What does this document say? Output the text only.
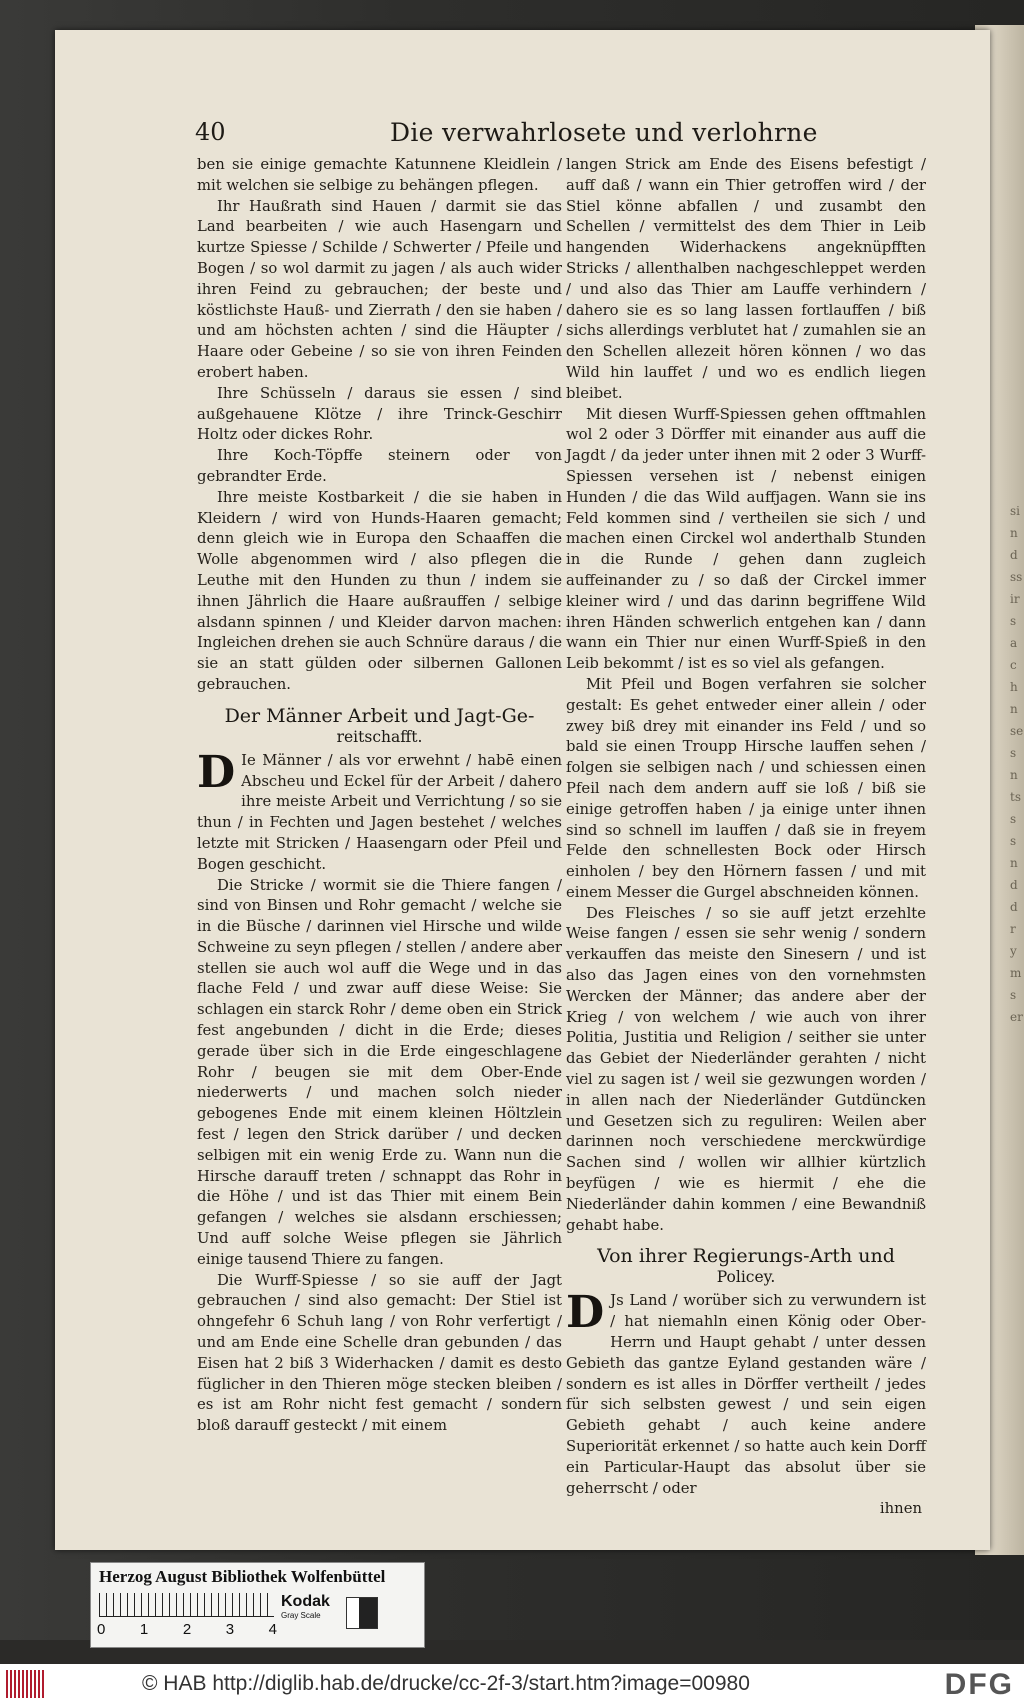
sind ss irs a ch n se s n ts s s nd d r y m s er
40	Die verwahrlosete und verlohrne

ben sie einige gemachte Katunnene Kleidlein / mit welchen sie selbige zu behängen pflegen.

Ihr Haußrath sind Hauen / darmit sie das Land bearbeiten / wie auch Hasengarn und kurtze Spiesse / Schilde / Schwerter / Pfeile und Bogen / so wol darmit zu jagen / als auch wider ihren Feind zu gebrauchen; der beste und köstlichste Hauß- und Zierrath / den sie haben / und am höchsten achten / sind die Häupter / Haare oder Gebeine / so sie von ihren Feinden erobert haben.

Ihre Schüsseln / daraus sie essen / sind außgehauene Klötze / ihre Trinck-Geschirr Holtz oder dickes Rohr.

Ihre Koch-Töpffe steinern oder von gebrandter Erde.

Ihre meiste Kostbarkeit / die sie haben in Kleidern / wird von Hunds-Haaren gemacht; denn gleich wie in Europa den Schaaffen die Wolle abgenommen wird / also pflegen die Leuthe mit den Hunden zu thun / indem sie ihnen Jährlich die Haare außrauffen / selbige alsdann spinnen / und Kleider darvon machen: Ingleichen drehen sie auch Schnüre daraus / die sie an statt gülden oder silbernen Gallonen gebrauchen.

Der Männer Arbeit und Jagt-Ge-
reitschafft.

D Ie Männer / als vor erwehnt / habē einen Abscheu und Eckel für der Arbeit / dahero ihre meiste Arbeit und Verrichtung / so sie thun / in Fechten und Jagen bestehet / welches letzte mit Stricken / Haasengarn oder Pfeil und Bogen geschicht.

Die Stricke / wormit sie die Thiere fangen / sind von Binsen und Rohr gemacht / welche sie in die Büsche / darinnen viel Hirsche und wilde Schweine zu seyn pflegen / stellen / andere aber stellen sie auch wol auff die Wege und in das flache Feld / und zwar auff diese Weise: Sie schlagen ein starck Rohr / deme oben ein Strick fest angebunden / dicht in die Erde; dieses gerade über sich in die Erde eingeschlagene Rohr / beugen sie mit dem Ober-Ende niederwerts / und machen solch nieder gebogenes Ende mit einem kleinen Höltzlein fest / legen den Strick darüber / und decken selbigen mit ein wenig Erde zu. Wann nun die Hirsche darauff treten / schnappt das Rohr in die Höhe / und ist das Thier mit einem Bein gefangen / welches sie alsdann erschiessen; Und auff solche Weise pflegen sie Jährlich einige tausend Thiere zu fangen.

Die Wurff-Spiesse / so sie auff der Jagt gebrauchen / sind also gemacht: Der Stiel ist ohngefehr 6 Schuh lang / von Rohr verfertigt / und am Ende eine Schelle dran gebunden / das Eisen hat 2 biß 3 Widerhacken / damit es desto füglicher in den Thieren möge stecken bleiben / es ist am Rohr nicht fest gemacht / sondern bloß darauff gesteckt / mit einem

langen Strick am Ende des Eisens befestigt / auff daß / wann ein Thier getroffen wird / der Stiel könne abfallen / und zusambt den Schellen / vermittelst des dem Thier in Leib hangenden Widerhackens angeknüpfften Stricks / allenthalben nachgeschleppet werden / und also das Thier am Lauffe verhindern / dahero sie es so lang lassen fortlauffen / biß sichs allerdings verblutet hat / zumahlen sie an den Schellen allezeit hören können / wo das Wild hin lauffet / und wo es endlich liegen bleibet.

Mit diesen Wurff-Spiessen gehen offtmahlen wol 2 oder 3 Dörffer mit einander aus auff die Jagdt / da jeder unter ihnen mit 2 oder 3 Wurff-Spiessen versehen ist / nebenst einigen Hunden / die das Wild auffjagen. Wann sie ins Feld kommen sind / vertheilen sie sich / und machen einen Circkel wol anderthalb Stunden in die Runde / gehen dann zugleich auffeinander zu / so daß der Circkel immer kleiner wird / und das darinn begriffene Wild ihren Händen schwerlich entgehen kan / dann wann ein Thier nur einen Wurff-Spieß in den Leib bekommt / ist es so viel als gefangen.

Mit Pfeil und Bogen verfahren sie solcher gestalt: Es gehet entweder einer allein / oder zwey biß drey mit einander ins Feld / und so bald sie einen Troupp Hirsche lauffen sehen / folgen sie selbigen nach / und schiessen einen Pfeil nach dem andern auff sie loß / biß sie einige getroffen haben / ja einige unter ihnen sind so schnell im lauffen / daß sie in freyem Felde den schnellesten Bock oder Hirsch einholen / bey den Hörnern fassen / und mit einem Messer die Gurgel abschneiden können.

Des Fleisches / so sie auff jetzt erzehlte Weise fangen / essen sie sehr wenig / sondern verkauffen das meiste den Sinesern / und ist also das Jagen eines von den vornehmsten Wercken der Männer; das andere aber der Krieg / von welchem / wie auch von ihrer Politia, Justitia und Religion / seither sie unter das Gebiet der Niederländer gerahten / nicht viel zu sagen ist / weil sie gezwungen worden / in allen nach der Niederländer Gutdüncken und Gesetzen sich zu reguliren: Weilen aber darinnen noch verschiedene merckwürdige Sachen sind / wollen wir allhier kürtzlich beyfügen / wie es hiermit / ehe die Niederländer dahin kommen / eine Bewandniß gehabt habe.

Von ihrer Regierungs-Arth und
Policey.

D Js Land / worüber sich zu verwundern ist / hat niemahln einen König oder Ober-Herrn und Haupt gehabt / unter dessen Gebieth das gantze Eyland gestanden wäre / sondern es ist alles in Dörffer vertheilt / jedes für sich selbsten gewest / und sein eigen Gebieth gehabt / auch keine andere Superiorität erkennet / so hatte auch kein Dorff ein Particular-Haupt das absolut über sie geherrscht / oder

ihnen

Herzog August Bibliothek Wolfenbüttel
0 1 2 3 4
Kodak
Gray Scale
© HAB http://diglib.hab.de/drucke/cc-2f-3/start.htm?image=00980	DFG
